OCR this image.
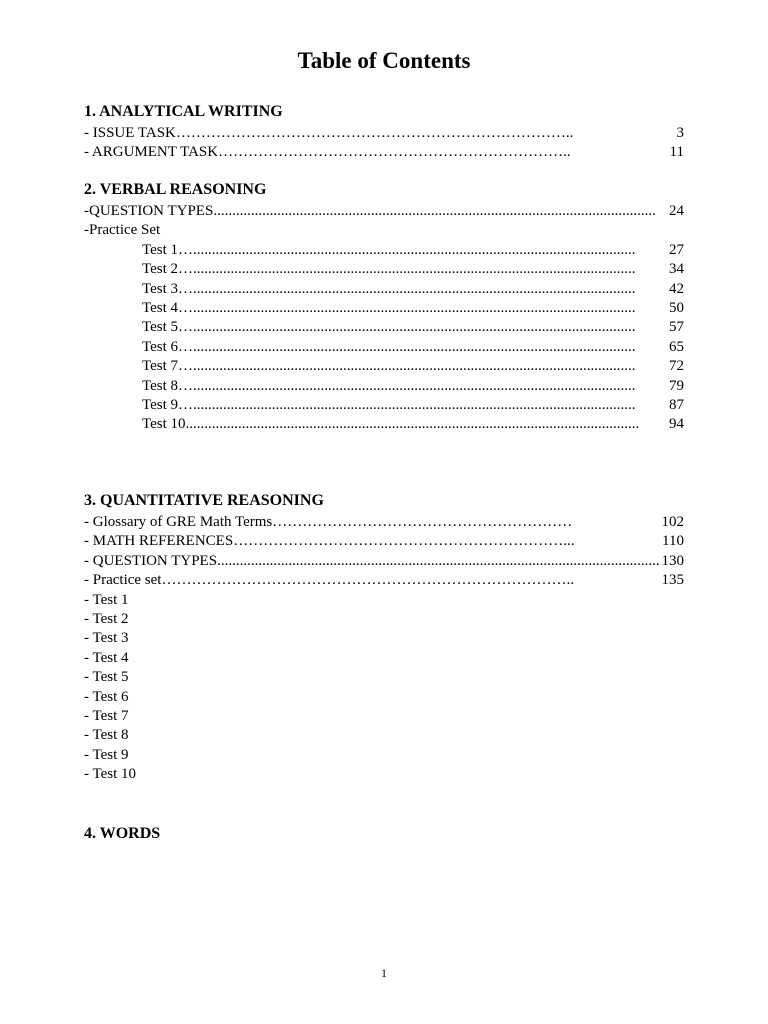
Table of Contents
1. ANALYTICAL WRITING
- ISSUE TASK ……………………………………………………………………..	3
- ARGUMENT TASK ……………………………………………………………..	11
2. VERBAL REASONING
-QUESTION TYPES ...................................................................................................................... 24
-Practice Set
Test 1 …......................................................................................................................	27
Test 2 …......................................................................................................................	34
Test 3 …......................................................................................................................	42
Test 4 …......................................................................................................................	50
Test 5 …......................................................................................................................	57
Test 6 …......................................................................................................................	65
Test 7 …......................................................................................................................	72
Test 8 …......................................................................................................................	79
Test 9 …......................................................................................................................	87
Test 10 .........................................................................................................................	94
3. QUANTITATIVE REASONING
- Glossary of GRE Math Terms ……………………………………………………	102
- MATH REFERENCES …………………………………………………………...	110
- QUESTION TYPES ...................................................................................................................... 130
- Practice set ………………………………………………………………………..	135
- Test 1
- Test 2
- Test 3
- Test 4
- Test 5
- Test 6
- Test 7
- Test 8
- Test 9
- Test 10
4. WORDS
1
